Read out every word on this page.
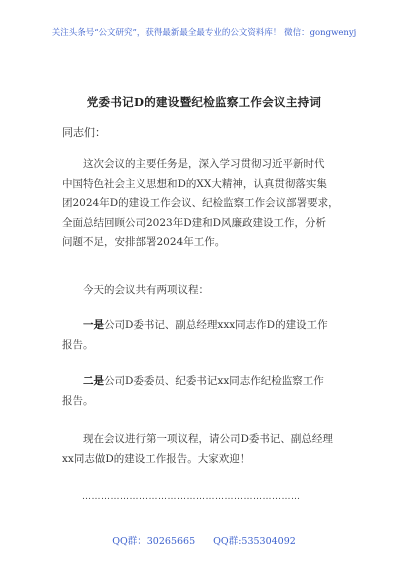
关注头条号“公文研究”，获得最新最全最专业的公文资料库！ 微信：gongwenyj
党委书记D的建设暨纪检监察工作会议主持词
同志们：
这次会议的主要任务是，深入学习贯彻习近平新时代
中国特色社会主义思想和D的XX大精神，认真贯彻落实集
团2024年D的建设工作会议、纪检监察工作会议部署要求，
全面总结回顾公司2023年D建和D风廉政建设工作，分析
问题不足，安排部署2024年工作。
今天的会议共有两项议程：
一是公司D委书记、副总经理xxx同志作D的建设工作
报告。
二是公司D委委员、纪委书记xx同志作纪检监察工作
报告。
现在会议进行第一项议程，请公司D委书记、副总经理
xx同志做D的建设工作报告。大家欢迎！
……………………………………………………………
QQ群：30265665 QQ群:535304092
